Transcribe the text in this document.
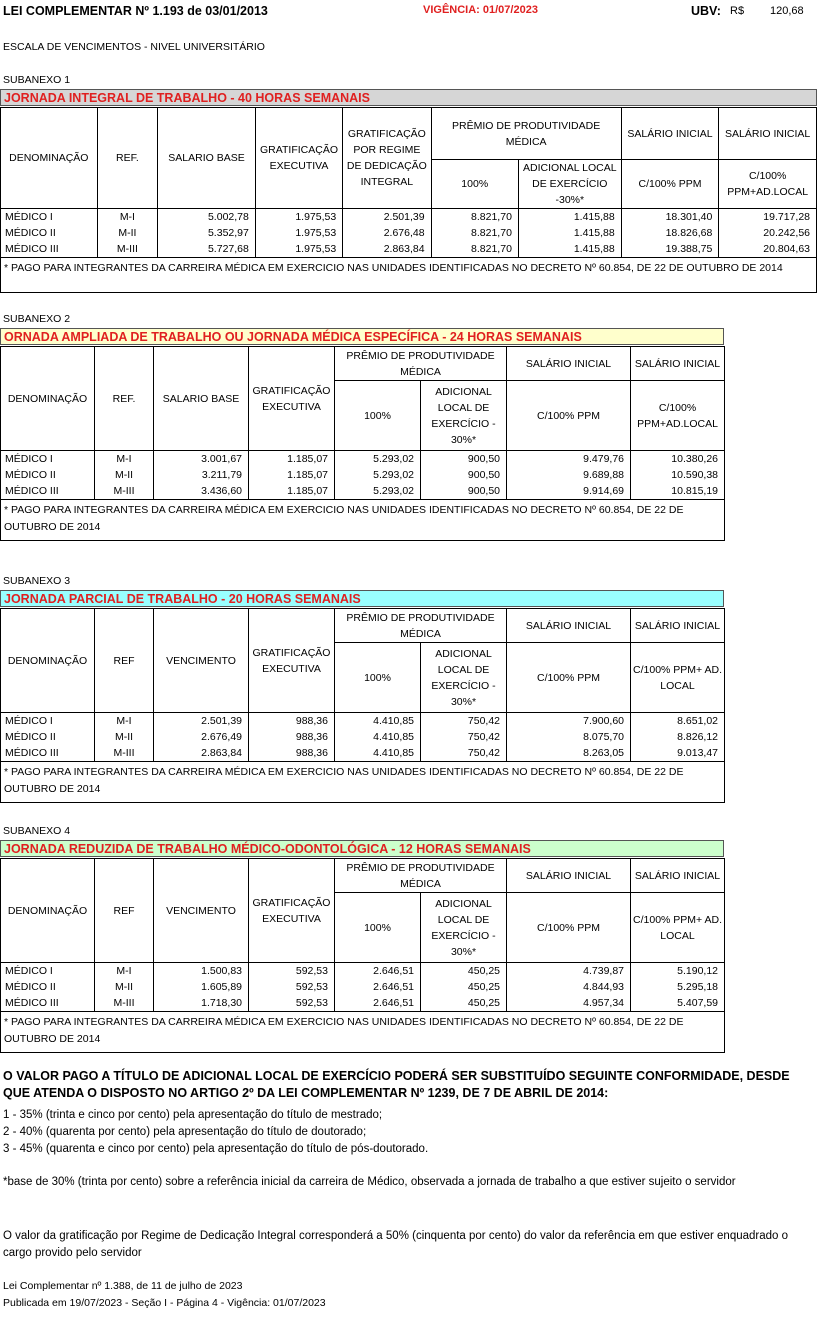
LEI COMPLEMENTAR Nº 1.193 de 03/01/2013	VIGÊNCIA: 01/07/2023	UBV: R$ 120,68
ESCALA DE VENCIMENTOS - NIVEL UNIVERSITÁRIO
SUBANEXO 1
JORNADA INTEGRAL DE TRABALHO - 40 HORAS SEMANAIS
DENOMINAÇÃO	REF.	SALARIO BASE	GRATIFICAÇÃO EXECUTIVA	GRATIFICAÇÃO POR REGIME DE DEDICAÇÃO INTEGRAL	PRÊMIO DE PRODUTIVIDADE MÉDICA		SALÁRIO INICIAL	SALÁRIO INICIAL
					100%	ADICIONAL LOCAL DE EXERCÍCIO -30%*	C/100% PPM	C/100% PPM+AD.LOCAL
MÉDICO I	M-I	5.002,78	1.975,53	2.501,39	8.821,70	1.415,88	18.301,40	19.717,28
MÉDICO II	M-II	5.352,97	1.975,53	2.676,48	8.821,70	1.415,88	18.826,68	20.242,56
MÉDICO III	M-III	5.727,68	1.975,53	2.863,84	8.821,70	1.415,88	19.388,75	20.804,63
* PAGO PARA INTEGRANTES DA CARREIRA MÉDICA EM EXERCICIO NAS UNIDADES IDENTIFICADAS NO DECRETO Nº 60.854, DE 22 DE OUTUBRO DE 2014								
SUBANEXO 2
ORNADA AMPLIADA DE TRABALHO OU JORNADA MÉDICA ESPECÍFICA - 24 HORAS SEMANAIS
DENOMINAÇÃO	REF.	SALARIO BASE	GRATIFICAÇÃO EXECUTIVA	PRÊMIO DE PRODUTIVIDADE MÉDICA		SALÁRIO INICIAL	SALÁRIO INICIAL
				100%	ADICIONAL LOCAL DE EXERCÍCIO - 30%*	C/100% PPM	C/100% PPM+AD.LOCAL
MÉDICO I	M-I	3.001,67	1.185,07	5.293,02	900,50	9.479,76	10.380,26
MÉDICO II	M-II	3.211,79	1.185,07	5.293,02	900,50	9.689,88	10.590,38
MÉDICO III	M-III	3.436,60	1.185,07	5.293,02	900,50	9.914,69	10.815,19
* PAGO PARA INTEGRANTES DA CARREIRA MÉDICA EM EXERCICIO NAS UNIDADES IDENTIFICADAS NO DECRETO Nº 60.854, DE 22 DE OUTUBRO DE 2014							
SUBANEXO 3
JORNADA PARCIAL DE TRABALHO - 20 HORAS SEMANAIS
DENOMINAÇÃO	REF	VENCIMENTO	GRATIFICAÇÃO EXECUTIVA	PRÊMIO DE PRODUTIVIDADE MÉDICA		SALÁRIO INICIAL	SALÁRIO INICIAL
				100%	ADICIONAL LOCAL DE EXERCÍCIO - 30%*	C/100% PPM	C/100% PPM+ AD. LOCAL
MÉDICO I	M-I	2.501,39	988,36	4.410,85	750,42	7.900,60	8.651,02
MÉDICO II	M-II	2.676,49	988,36	4.410,85	750,42	8.075,70	8.826,12
MÉDICO III	M-III	2.863,84	988,36	4.410,85	750,42	8.263,05	9.013,47
* PAGO PARA INTEGRANTES DA CARREIRA MÉDICA EM EXERCICIO NAS UNIDADES IDENTIFICADAS NO DECRETO Nº 60.854, DE 22 DE OUTUBRO DE 2014							
SUBANEXO 4
JORNADA REDUZIDA DE TRABALHO MÉDICO-ODONTOLÓGICA - 12 HORAS SEMANAIS
DENOMINAÇÃO	REF	VENCIMENTO	GRATIFICAÇÃO EXECUTIVA	PRÊMIO DE PRODUTIVIDADE MÉDICA		SALÁRIO INICIAL	SALÁRIO INICIAL
				100%	ADICIONAL LOCAL DE EXERCÍCIO - 30%*	C/100% PPM	C/100% PPM+ AD. LOCAL
MÉDICO I	M-I	1.500,83	592,53	2.646,51	450,25	4.739,87	5.190,12
MÉDICO II	M-II	1.605,89	592,53	2.646,51	450,25	4.844,93	5.295,18
MÉDICO III	M-III	1.718,30	592,53	2.646,51	450,25	4.957,34	5.407,59
* PAGO PARA INTEGRANTES DA CARREIRA MÉDICA EM EXERCICIO NAS UNIDADES IDENTIFICADAS NO DECRETO Nº 60.854, DE 22 DE OUTUBRO DE 2014							
O VALOR PAGO A TÍTULO DE ADICIONAL LOCAL DE EXERCÍCIO PODERÁ SER SUBSTITUÍDO SEGUINTE CONFORMIDADE, DESDE QUE ATENDA O DISPOSTO NO ARTIGO 2º DA LEI COMPLEMENTAR Nº 1239, DE 7 DE ABRIL DE 2014:
1 - 35% (trinta e cinco por cento) pela apresentação do título de mestrado;
2 - 40% (quarenta por cento) pela apresentação do título de doutorado;
3 - 45% (quarenta e cinco por cento) pela apresentação do título de pós-doutorado.
*base de 30% (trinta por cento) sobre a referência inicial da carreira de Médico, observada a jornada de trabalho a que estiver sujeito o servidor
O valor da gratificação por Regime de Dedicação Integral corresponderá a 50% (cinquenta por cento) do valor da referência em que estiver enquadrado o cargo provido pelo servidor
Lei Complementar nº 1.388, de 11 de julho de 2023
Publicada em 19/07/2023 - Seção I - Página 4 - Vigência: 01/07/2023
